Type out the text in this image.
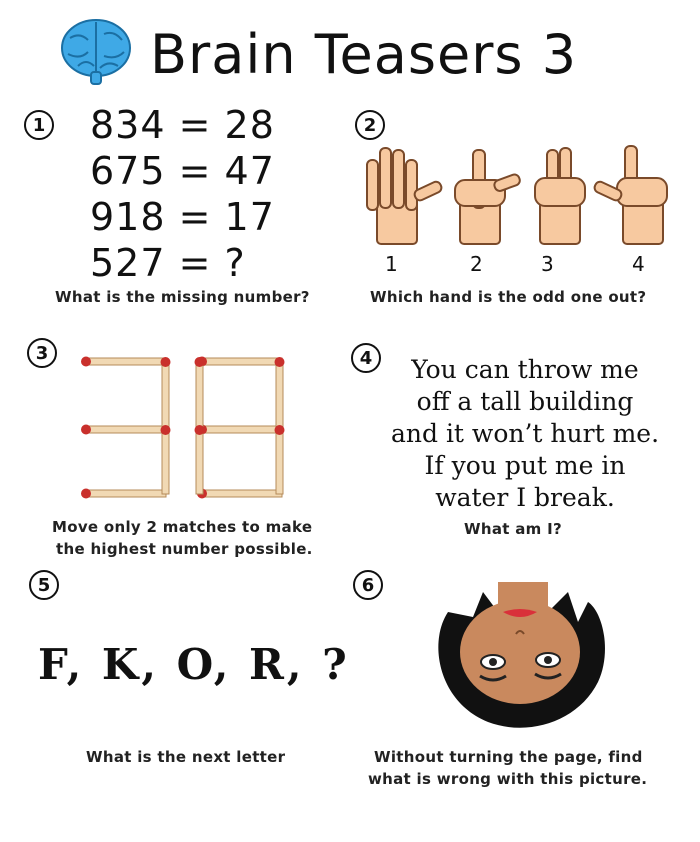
Brain Teasers 3
1 834 = 28
675 = 47
918 = 17
527 = ?
What is the missing number?
2
1	2	3	4
Which hand is the odd one out?
3
Move only 2 matches to make
the highest number possible.
4	You can throw me
off a tall building
and it won’t hurt me.
If you put me in
water I break.
What am I?
5
F, K, O, R, ?
What is the next letter
6
Without turning the page, find
what is wrong with this picture.
